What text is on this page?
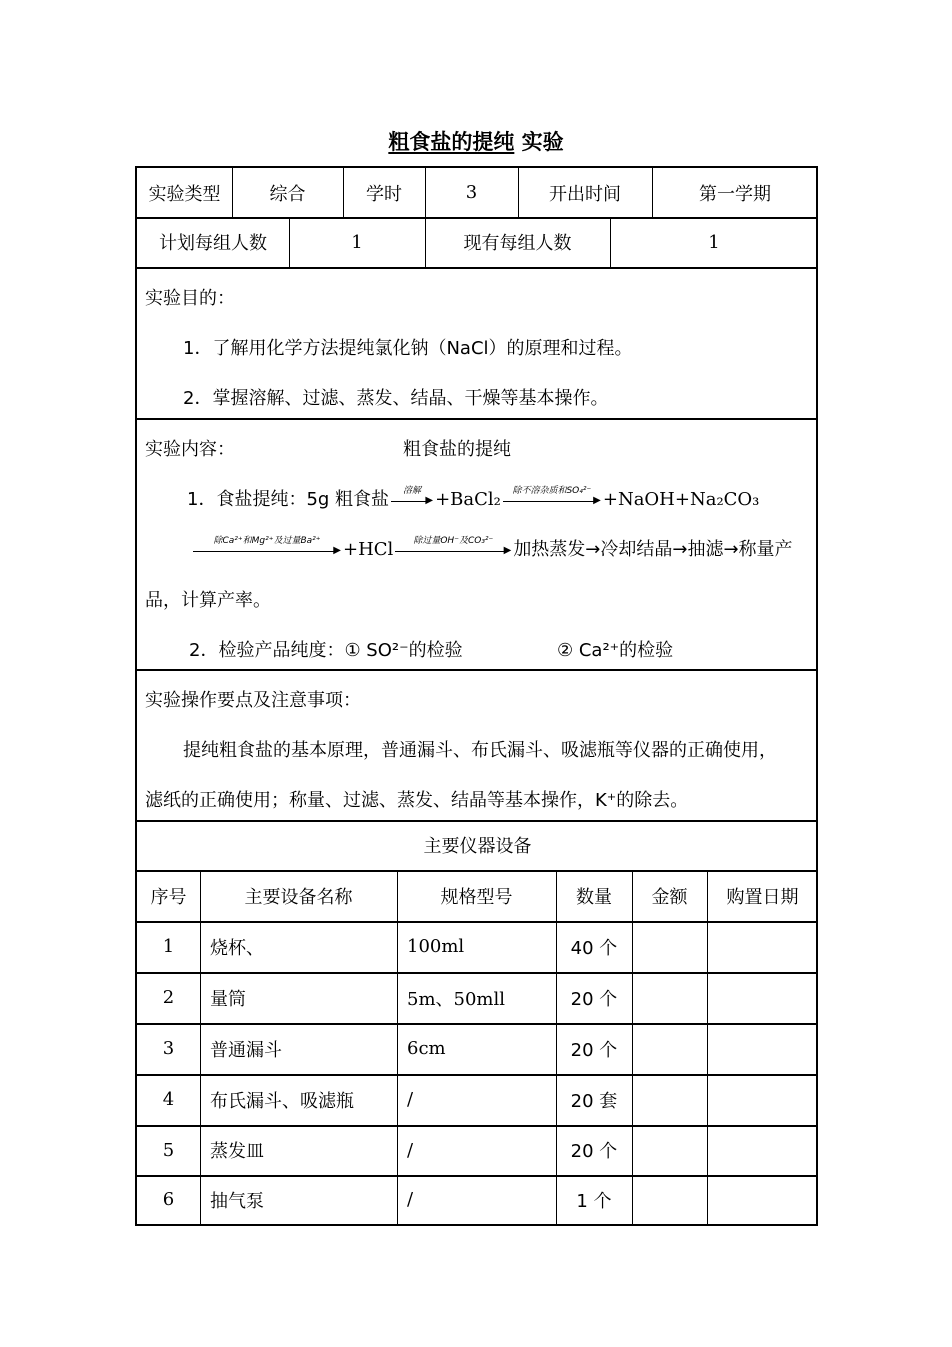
粗食盐的提纯 实验
实验类型	综合	学时	3	开出时间	第一学期
计划每组人数	1	现有每组人数	1
实验目的：
1．了解用化学方法提纯氯化钠（NaCl）的原理和过程。
2．掌握溶解、过滤、蒸发、结晶、干燥等基本操作。
实验内容：	粗食盐的提纯
1．食盐提纯：5g 粗食盐 溶解
▶ +BaCl₂ 除不溶杂质和SO₄²⁻
▶ +NaOH+Na₂CO₃
除Ca²⁺和Mg²⁺及过量Ba²⁺
▶ +HCl 除过量OH⁻及CO₃²⁻
▶ 加热蒸发→冷却结晶→抽滤→称量产
品，计算产率。
2．检验产品纯度：① SO²⁻的检验	② Ca²⁺的检验
实验操作要点及注意事项：
提纯粗食盐的基本原理，普通漏斗、布氏漏斗、吸滤瓶等仪器的正确使用，
滤纸的正确使用；称量、过滤、蒸发、结晶等基本操作，K⁺的除去。
主要仪器设备
序号	主要设备名称	规格型号	数量	金额	购置日期
1	烧杯、	100ml	40 个
2	量筒	5m、50mll	20 个
3	普通漏斗	6cm	20 个
4	布氏漏斗、吸滤瓶	/	20 套
5	蒸发皿	/	20 个
6	抽气泵	/	1 个
